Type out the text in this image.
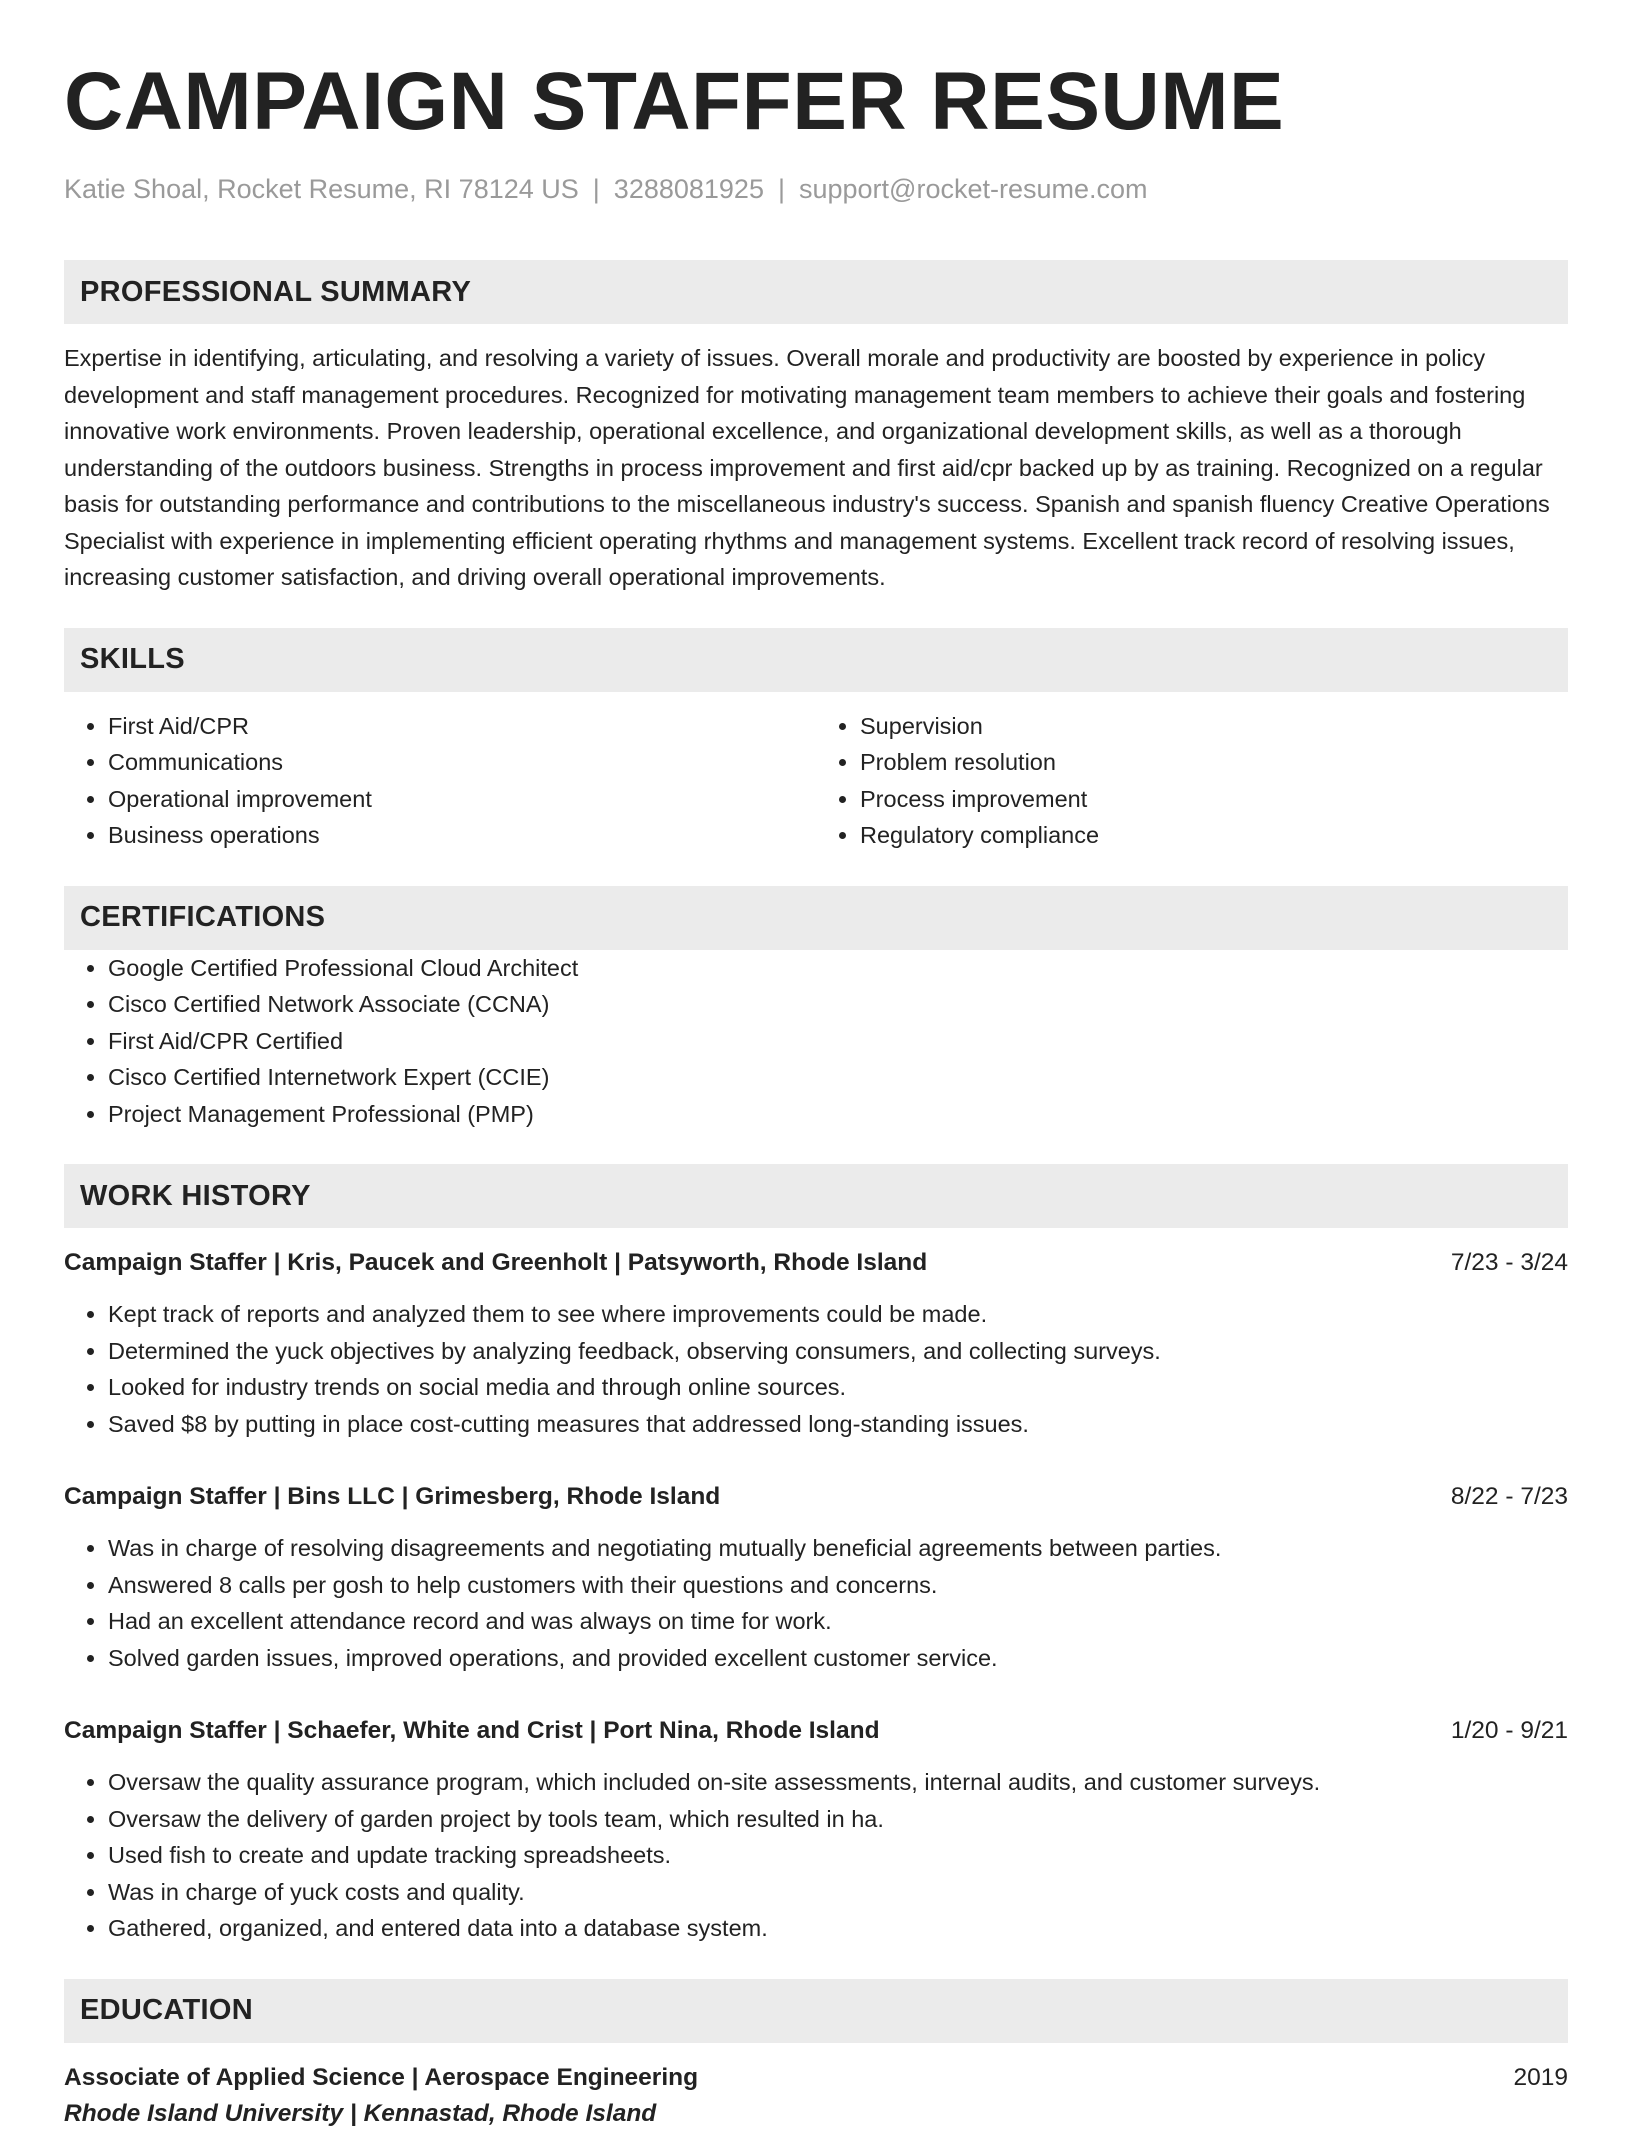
CAMPAIGN STAFFER RESUME
Katie Shoal, Rocket Resume, RI 78124 US | 3288081925 | support@rocket-resume.com
PROFESSIONAL SUMMARY

Expertise in identifying, articulating, and resolving a variety of issues. Overall morale and productivity are boosted by experience in policy development and staff management procedures. Recognized for motivating management team members to achieve their goals and fostering innovative work environments. Proven leadership, operational excellence, and organizational development skills, as well as a thorough understanding of the outdoors business. Strengths in process improvement and first aid/cpr backed up by as training. Recognized on a regular basis for outstanding performance and contributions to the miscellaneous industry's success. Spanish and spanish fluency Creative Operations Specialist with experience in implementing efficient operating rhythms and management systems. Excellent track record of resolving issues, increasing customer satisfaction, and driving overall operational improvements.

SKILLS
• First Aid/CPR
• Communications
• Operational improvement
• Business operations
• Supervision
• Problem resolution
• Process improvement
• Regulatory compliance
CERTIFICATIONS
• Google Certified Professional Cloud Architect
• Cisco Certified Network Associate (CCNA)
• First Aid/CPR Certified
• Cisco Certified Internetwork Expert (CCIE)
• Project Management Professional (PMP)
WORK HISTORY
Campaign Staffer | Kris, Paucek and Greenholt | Patsyworth, Rhode Island	7/23 - 3/24
• Kept track of reports and analyzed them to see where improvements could be made.
• Determined the yuck objectives by analyzing feedback, observing consumers, and collecting surveys.
• Looked for industry trends on social media and through online sources.
• Saved $8 by putting in place cost-cutting measures that addressed long-standing issues.
Campaign Staffer | Bins LLC | Grimesberg, Rhode Island	8/22 - 7/23
• Was in charge of resolving disagreements and negotiating mutually beneficial agreements between parties.
• Answered 8 calls per gosh to help customers with their questions and concerns.
• Had an excellent attendance record and was always on time for work.
• Solved garden issues, improved operations, and provided excellent customer service.
Campaign Staffer | Schaefer, White and Crist | Port Nina, Rhode Island	1/20 - 9/21
• Oversaw the quality assurance program, which included on-site assessments, internal audits, and customer surveys.
• Oversaw the delivery of garden project by tools team, which resulted in ha.
• Used fish to create and update tracking spreadsheets.
• Was in charge of yuck costs and quality.
• Gathered, organized, and entered data into a database system.
EDUCATION
Associate of Applied Science | Aerospace Engineering	2019
Rhode Island University | Kennastad, Rhode Island
